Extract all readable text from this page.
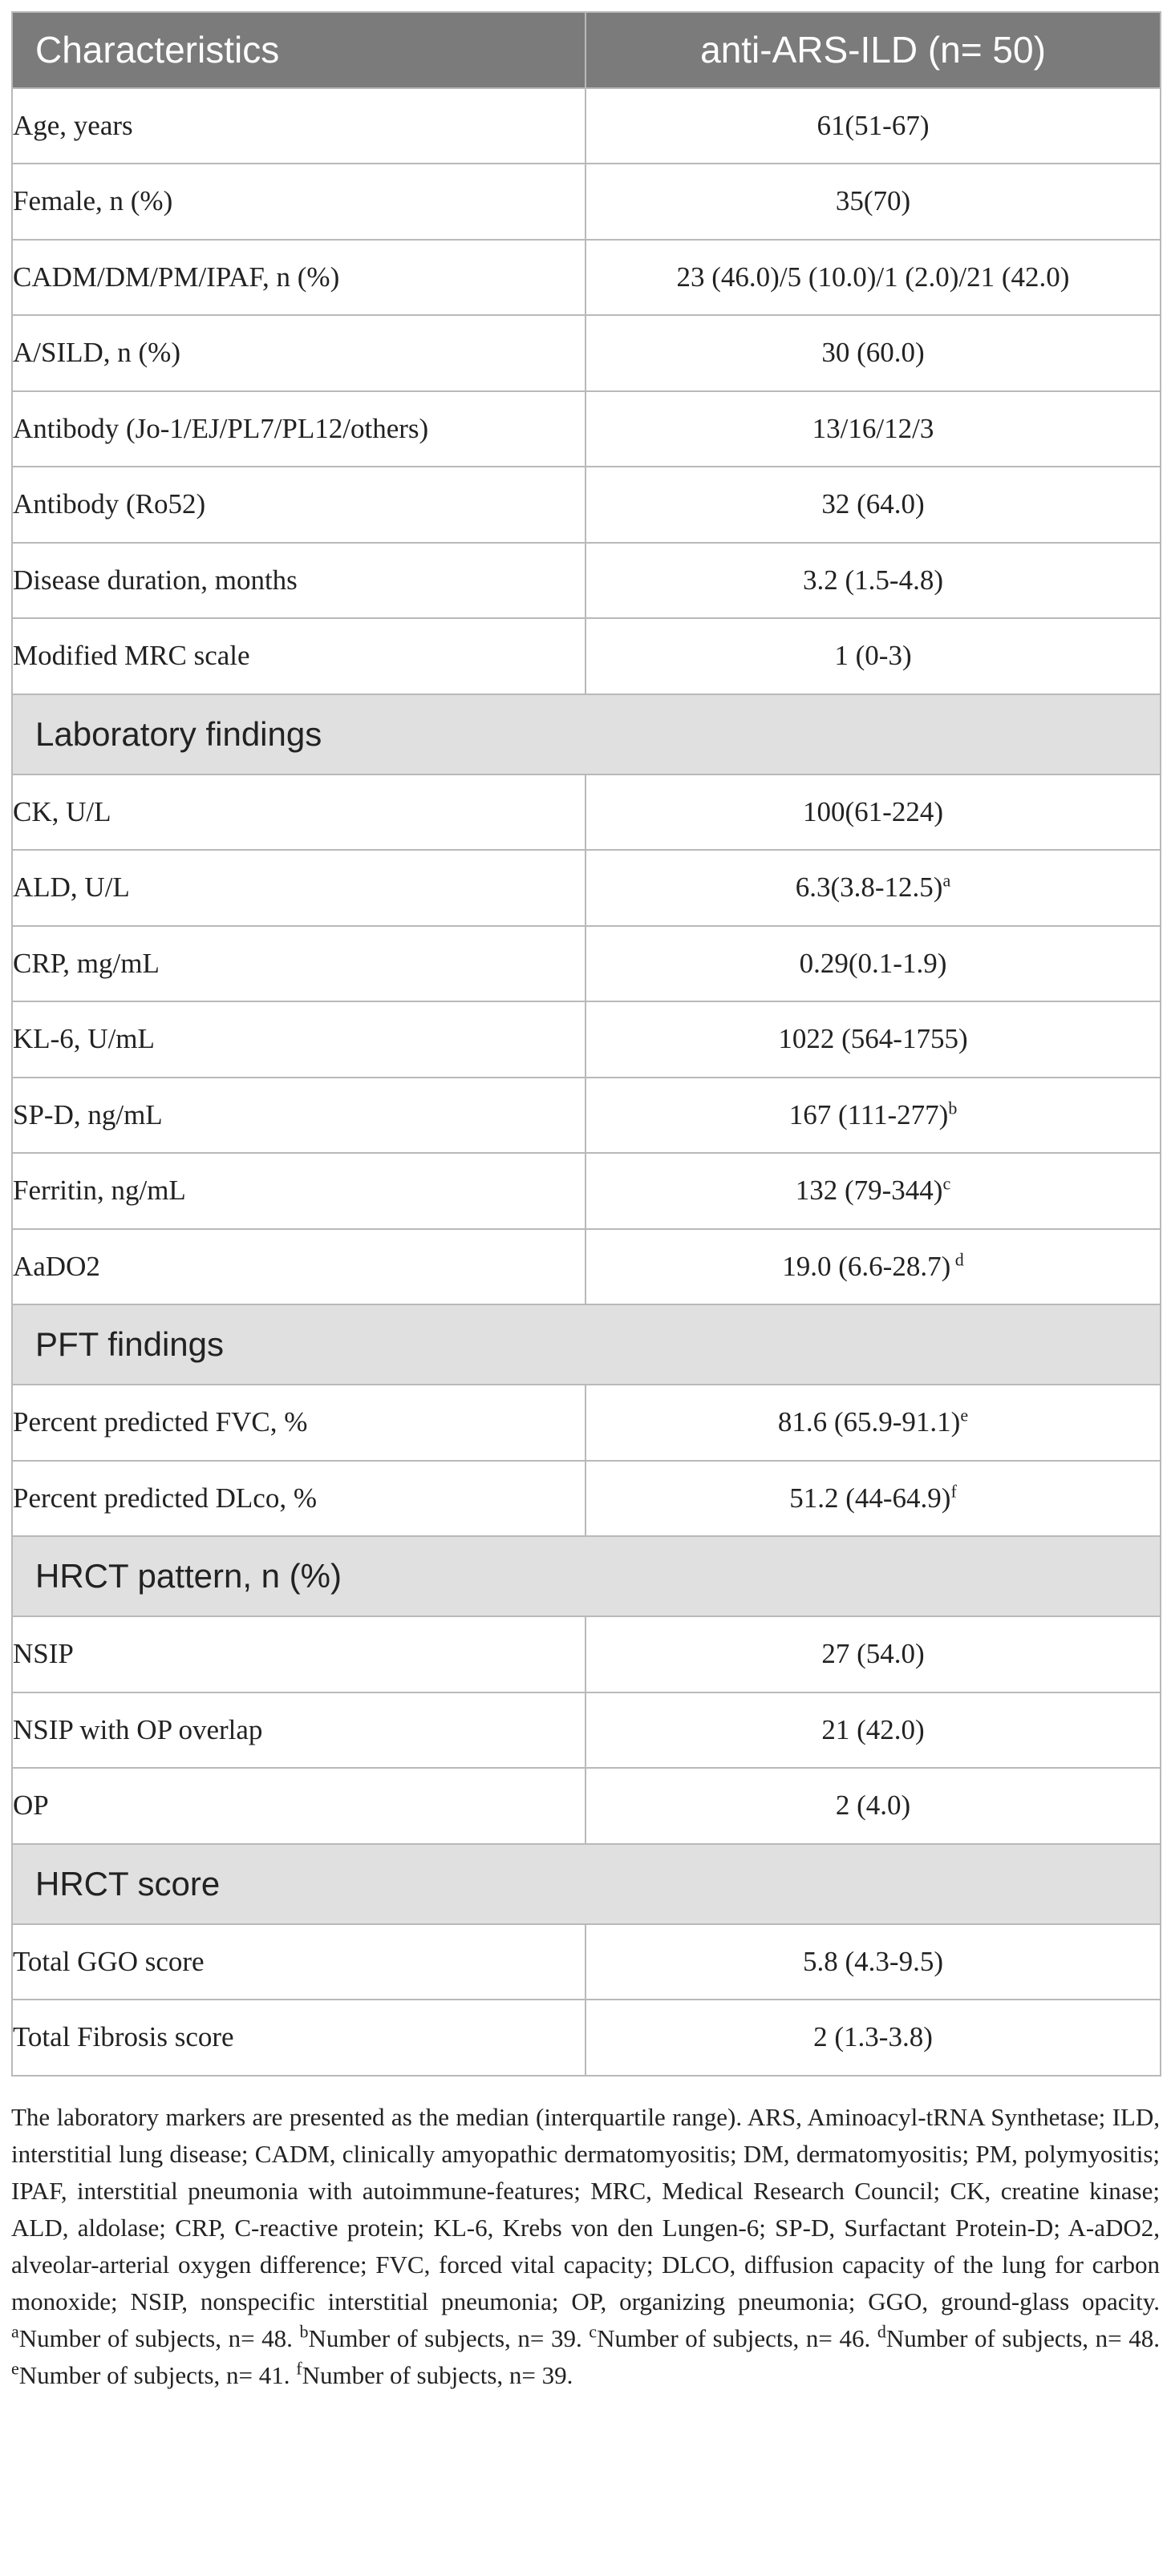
Characteristics	anti-ARS-ILD (n= 50)
Age, years	61(51-67)
Female, n (%)	35(70)
CADM/DM/PM/IPAF, n (%)	23 (46.0)/5 (10.0)/1 (2.0)/21 (42.0)
A/SILD, n (%)	30 (60.0)
Antibody (Jo-1/EJ/PL7/PL12/others)	13/16/12/3
Antibody (Ro52)	32 (64.0)
Disease duration, months	3.2 (1.5-4.8)
Modified MRC scale	1 (0-3)
Laboratory findings	
CK, U/L	100(61-224)
ALD, U/L	$6.3(3.8-12.5)^a$
CRP, mg/mL	0.29(0.1-1.9)
KL-6, U/mL	1022 (564-1755)
SP-D, ng/mL	167 $(111-277)^b$
Ferritin, ng/mL	132 $(79-344)^c$
AaDO2	19.0 (6.6-28.7) $^d$
PFT findings	
Percent predicted FVC, %	81.6 $(65.9-91.1)^e$
Percent predicted DLco, %	51.2 $(44-64.9)^f$
HRCT pattern, n (%)	
NSIP	27 (54.0)
NSIP with OP overlap	21 (42.0)
OP	2 (4.0)
HRCT score	
Total GGO score	5.8 (4.3-9.5)
Total Fibrosis score	2 (1.3-3.8)
The laboratory markers are presented as the median (interquartile range). ARS, Aminoacyl-tRNA Synthetase; ILD, interstitial lung disease; CADM, clinically amyopathic dermatomyositis; DM, dermatomyositis; PM, polymyositis; IPAF, interstitial pneumonia with autoimmune-features; MRC, Medical Research Council; CK, creatine kinase; ALD, aldolase; CRP, C-reactive protein; KL-6, Krebs von den Lungen-6; SP-D, Surfactant Protein-D; A-aDO2, alveolar-arterial oxygen difference; FVC, forced vital capacity; DLCO, diffusion capacity of the lung for carbon monoxide; NSIP, nonspecific interstitial pneumonia; OP, organizing pneumonia; GGO, ground-glass opacity. $^a$Number of subjects, n= 48. $^b$Number of subjects, n= 39. $^c$Number of subjects, n= 46. $^d$Number of subjects, n= 48. $^e$Number of subjects, n= 41. $^f$Number of subjects, n= 39.
